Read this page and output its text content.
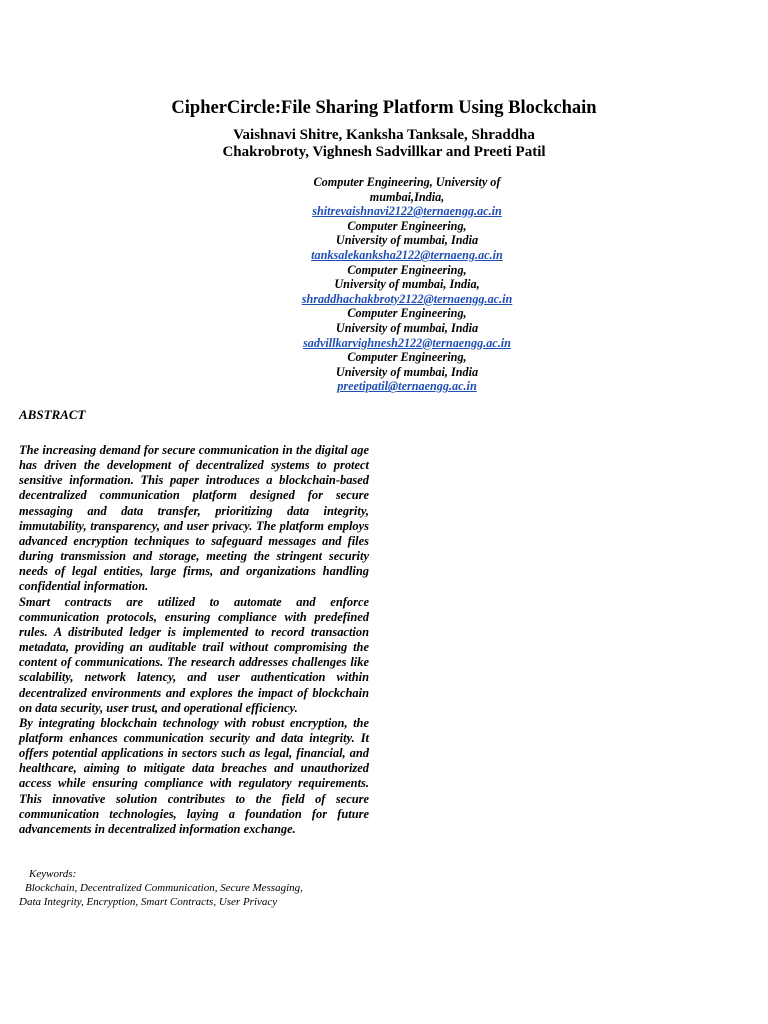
CipherCircle:File Sharing Platform Using Blockchain
Vaishnavi Shitre, Kanksha Tanksale, Shraddha
Chakrobroty, Vighnesh Sadvillkar and Preeti Patil
Computer Engineering, University of
mumbai,India,
shitrevaishnavi2122@ternaengg.ac.in
Computer Engineering,
University of mumbai, India
tanksalekanksha2122@ternaeng.ac.in
Computer Engineering,
University of mumbai, India,
shraddhachakbroty2122@ternaengg.ac.in
Computer Engineering,
University of mumbai, India
sadvillkarvighnesh2122@ternaengg.ac.in
Computer Engineering,
University of mumbai, India
preetipatil@ternaengg.ac.in
ABSTRACT

The increasing demand for secure communication in the digital age has driven the development of decentralized systems to protect sensitive information. This paper introduces a blockchain-based decentralized communication platform designed for secure messaging and data transfer, prioritizing data integrity, immutability, transparency, and user privacy. The platform employs advanced encryption techniques to safeguard messages and files during transmission and storage, meeting the stringent security needs of legal entities, large firms, and organizations handling confidential information.

Smart contracts are utilized to automate and enforce communication protocols, ensuring compliance with predefined rules. A distributed ledger is implemented to record transaction metadata, providing an auditable trail without compromising the content of communications. The research addresses challenges like scalability, network latency, and user authentication within decentralized environments and explores the impact of blockchain on data security, user trust, and operational efficiency.

By integrating blockchain technology with robust encryption, the platform enhances communication security and data integrity. It offers potential applications in sectors such as legal, financial, and healthcare, aiming to mitigate data breaches and unauthorized access while ensuring compliance with regulatory requirements. This innovative solution contributes to the field of secure communication technologies, laying a foundation for future advancements in decentralized information exchange.

Keywords:
Blockchain, Decentralized Communication, Secure Messaging,
Data Integrity, Encryption, Smart Contracts, User Privacy
